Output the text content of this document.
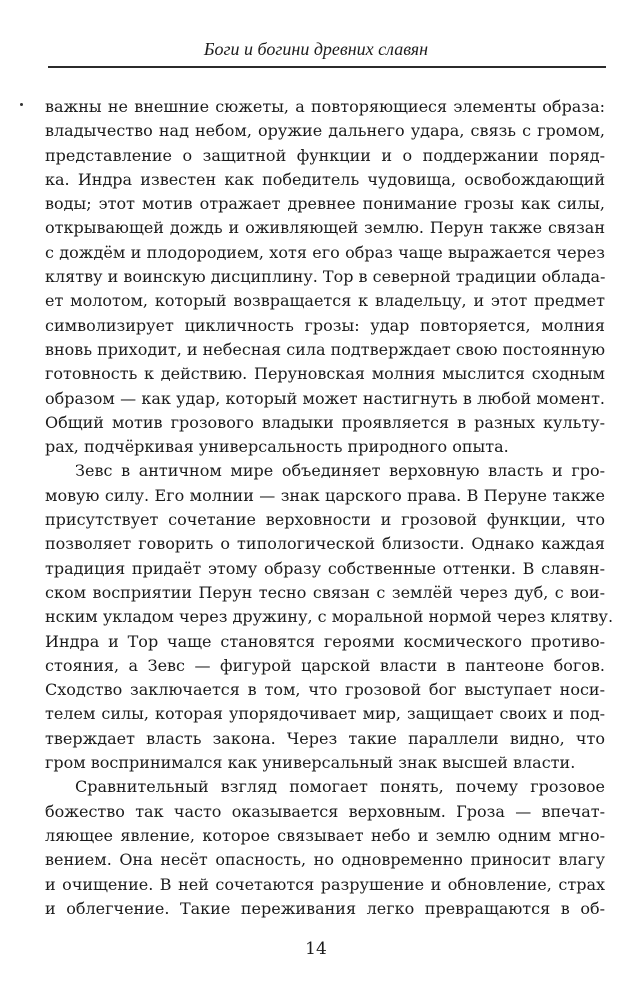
Боги и богини древних славян
важны не внешние сюжеты, а повторяющиеся элементы образа:
владычество над небом, оружие дальнего удара, связь с громом,
представление о защитной функции и о поддержании поряд-
ка. Индра известен как победитель чудовища, освобождающий
воды; этот мотив отражает древнее понимание грозы как силы,
открывающей дождь и оживляющей землю. Перун также связан
с дождём и плодородием, хотя его образ чаще выражается через
клятву и воинскую дисциплину. Тор в северной традиции облада-
ет молотом, который возвращается к владельцу, и этот предмет
символизирует цикличность грозы: удар повторяется, молния
вновь приходит, и небесная сила подтверждает свою постоянную
готовность к действию. Перуновская молния мыслится сходным
образом — как удар, который может настигнуть в любой момент.
Общий мотив грозового владыки проявляется в разных культу-
рах, подчёркивая универсальность природного опыта.
Зевс в античном мире объединяет верховную власть и гро-
мовую силу. Его молнии — знак царского права. В Перуне также
присутствует сочетание верховности и грозовой функции, что
позволяет говорить о типологической близости. Однако каждая
традиция придаёт этому образу собственные оттенки. В славян-
ском восприятии Перун тесно связан с землёй через дуб, с вои-
нским укладом через дружину, с моральной нормой через клятву.
Индра и Тор чаще становятся героями космического противо-
стояния, а Зевс — фигурой царской власти в пантеоне богов.
Сходство заключается в том, что грозовой бог выступает носи-
телем силы, которая упорядочивает мир, защищает своих и под-
тверждает власть закона. Через такие параллели видно, что
гром воспринимался как универсальный знак высшей власти.
Сравнительный взгляд помогает понять, почему грозовое
божество так часто оказывается верховным. Гроза — впечат-
ляющее явление, которое связывает небо и землю одним мгно-
вением. Она несёт опасность, но одновременно приносит влагу
и очищение. В ней сочетаются разрушение и обновление, страх
и облегчение. Такие переживания легко превращаются в об-
14
